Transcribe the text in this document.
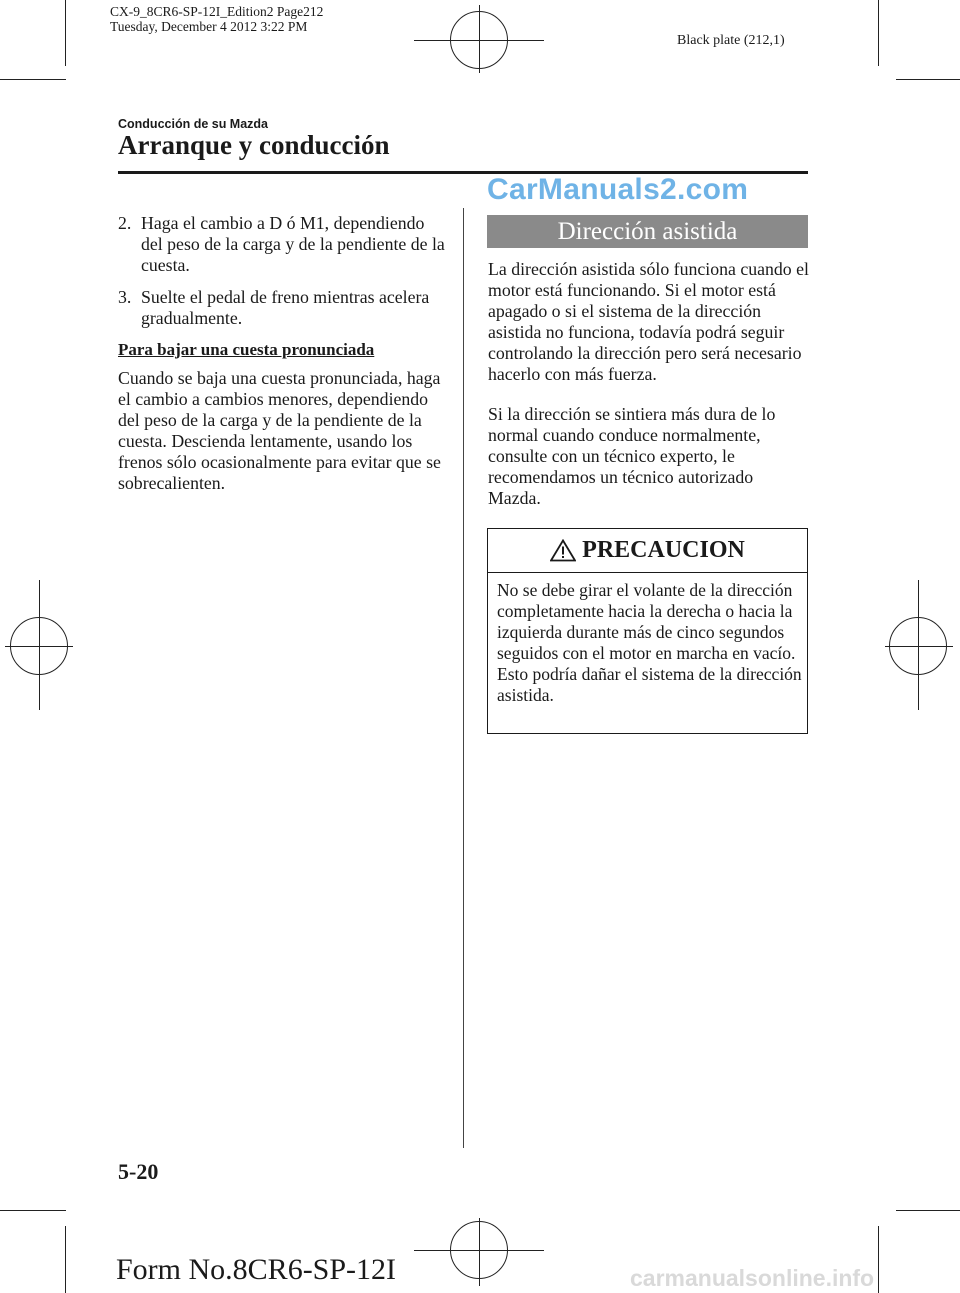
CX-9_8CR6-SP-12I_Edition2 Page212
Tuesday, December 4 2012 3:22 PM
Black plate (212,1)
Conducción de su Mazda
Arranque y conducción
2. Haga el cambio a D ó M1, dependiendo del peso de la carga y de la pendiente de la cuesta.
3. Suelte el pedal de freno mientras acelera gradualmente.
Para bajar una cuesta pronunciada
Cuando se baja una cuesta pronunciada, haga el cambio a cambios menores, dependiendo del peso de la carga y de la pendiente de la cuesta. Descienda lentamente, usando los frenos sólo ocasionalmente para evitar que se sobrecalienten.
CarManuals2.com
Dirección asistida
La dirección asistida sólo funciona cuando el motor está funcionando. Si el motor está apagado o si el sistema de la dirección asistida no funciona, todavía podrá seguir controlando la dirección pero será necesario hacerlo con más fuerza.
Si la dirección se sintiera más dura de lo normal cuando conduce normalmente, consulte con un técnico experto, le recomendamos un técnico autorizado Mazda.
PRECAUCION
No se debe girar el volante de la dirección completamente hacia la derecha o hacia la izquierda durante más de cinco segundos seguidos con el motor en marcha en vacío.
Esto podría dañar el sistema de la dirección asistida.
5-20
Form No.8CR6-SP-12I	carmanualsonline.info
